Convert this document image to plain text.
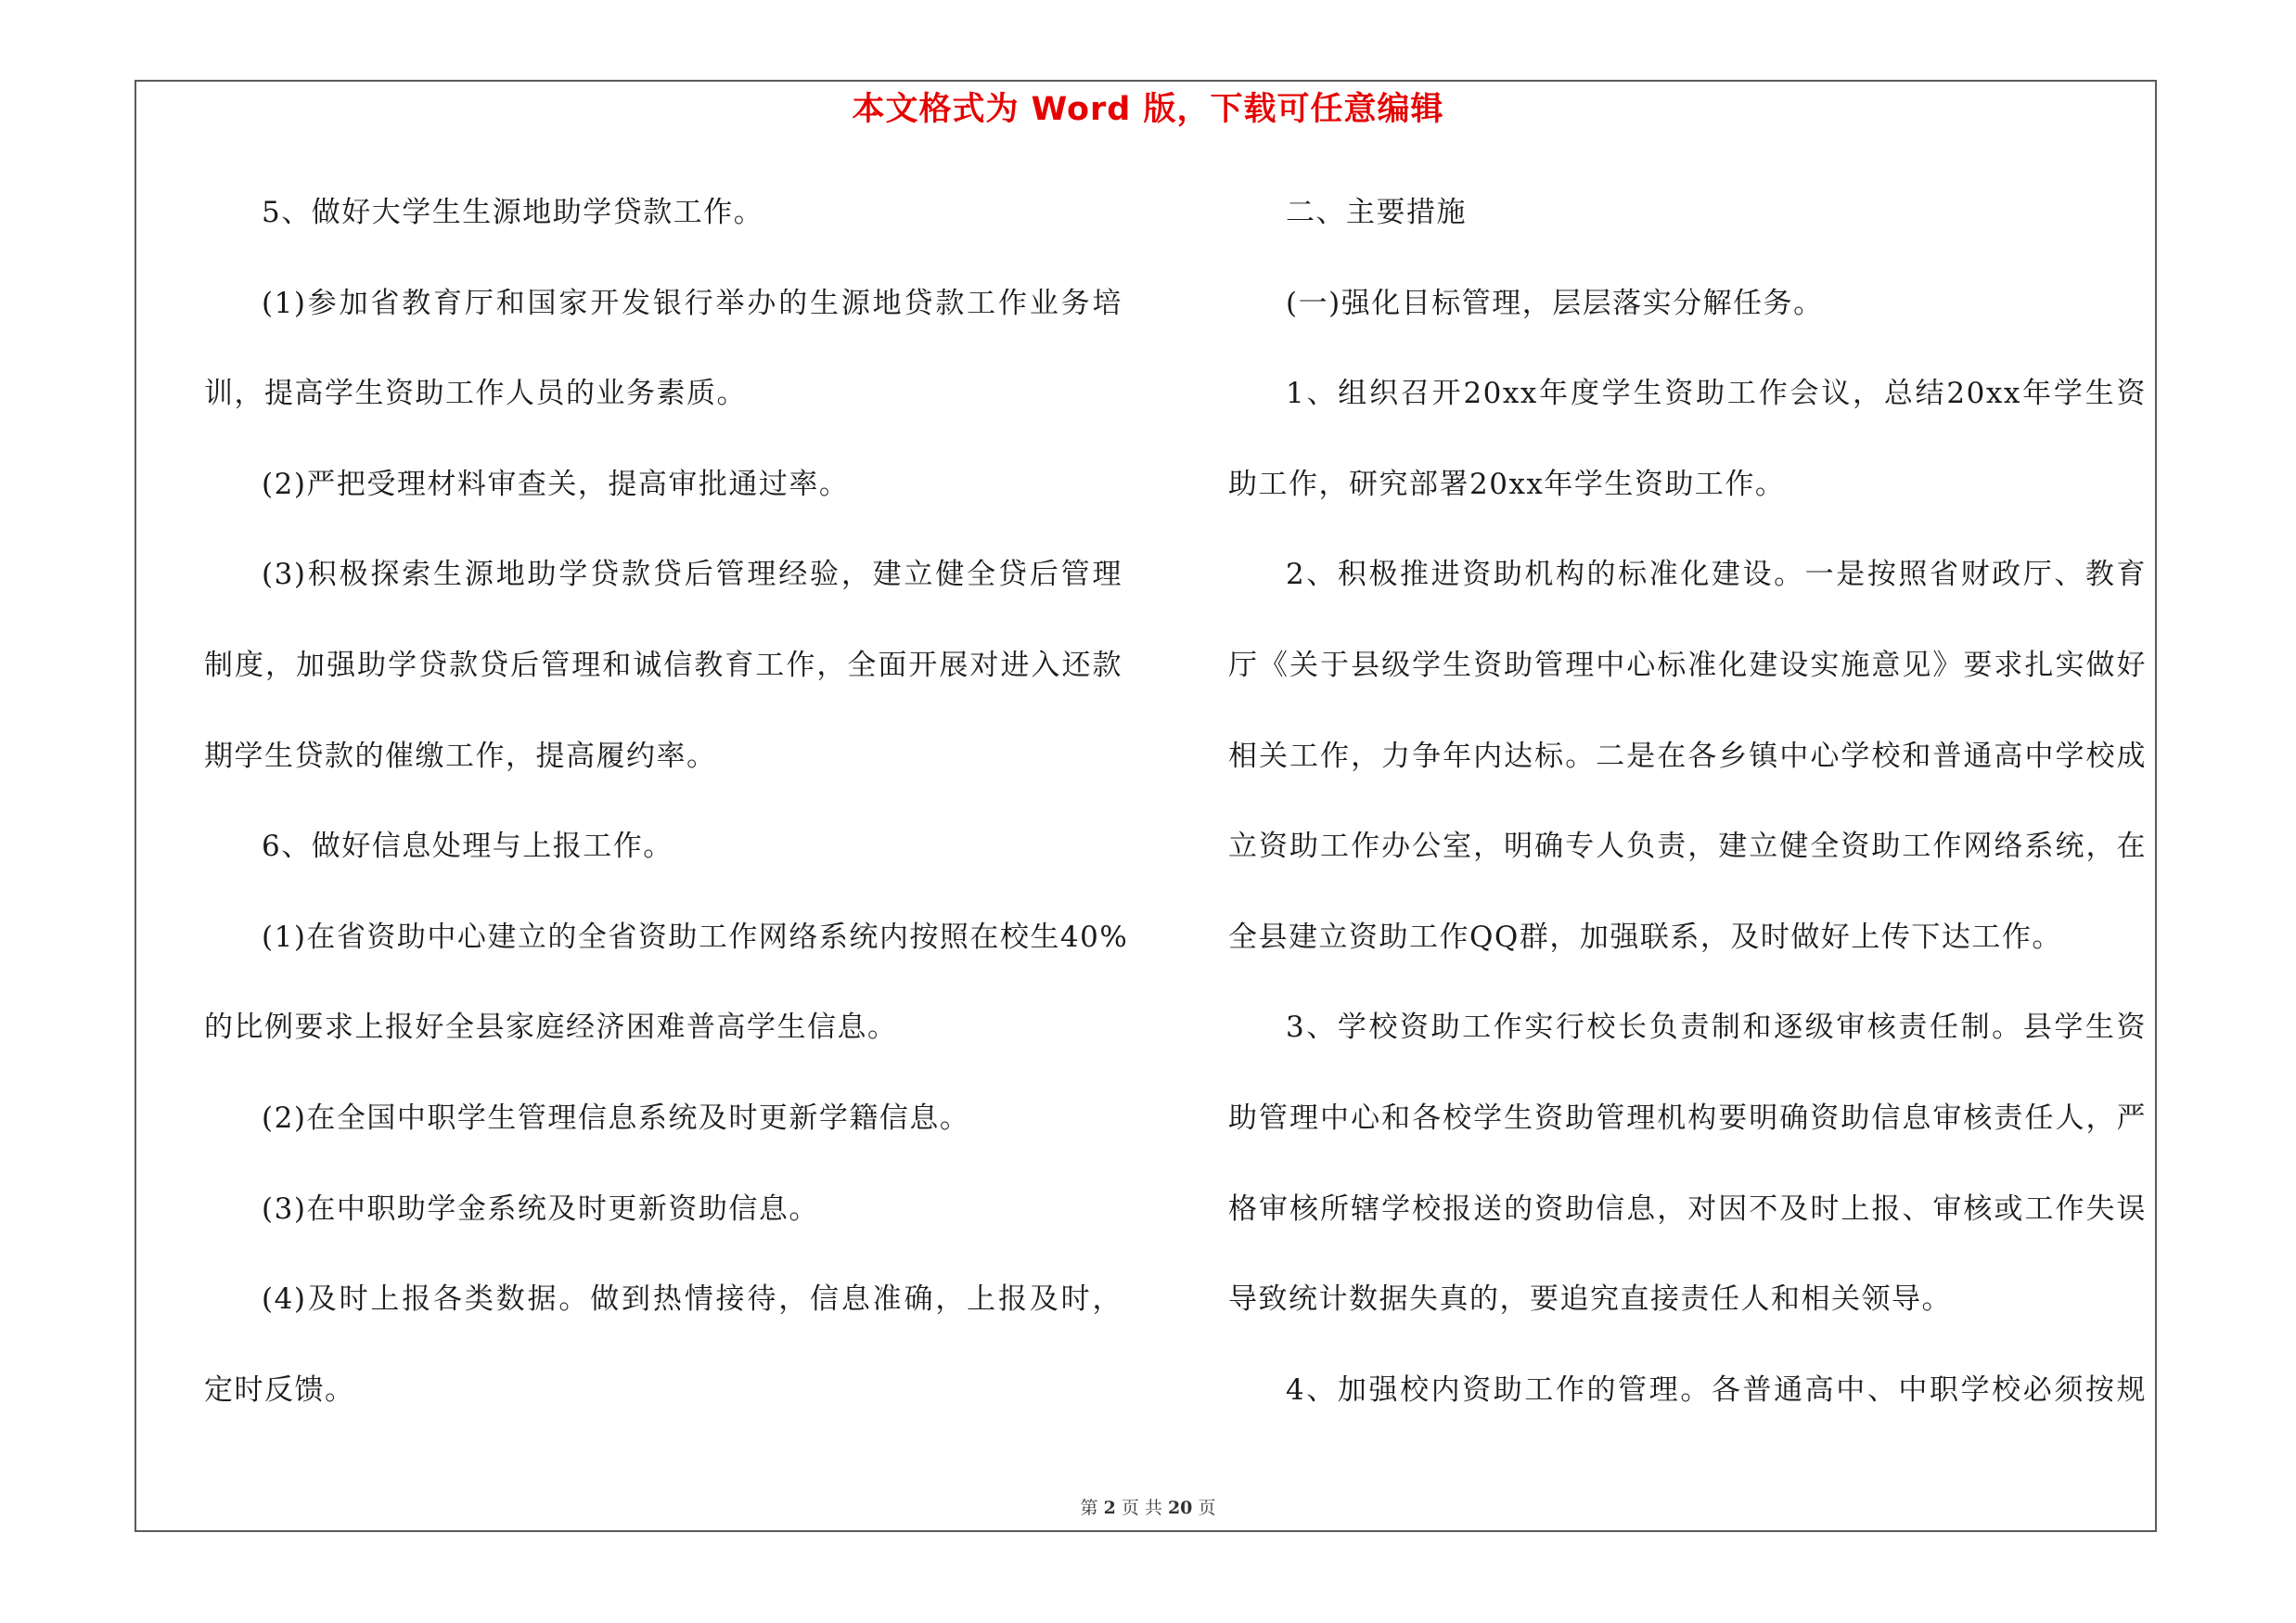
本文格式为 Word 版，下载可任意编辑
5、做好大学生生源地助学贷款工作。
(1)参加省教育厅和国家开发银行举办的生源地贷款工作业务培
训，提高学生资助工作人员的业务素质。
(2)严把受理材料审查关，提高审批通过率。
(3)积极探索生源地助学贷款贷后管理经验，建立健全贷后管理
制度，加强助学贷款贷后管理和诚信教育工作，全面开展对进入还款
期学生贷款的催缴工作，提高履约率。
6、做好信息处理与上报工作。
(1)在省资助中心建立的全省资助工作网络系统内按照在校生40%
的比例要求上报好全县家庭经济困难普高学生信息。
(2)在全国中职学生管理信息系统及时更新学籍信息。
(3)在中职助学金系统及时更新资助信息。
(4)及时上报各类数据。做到热情接待，信息准确，上报及时，
定时反馈。
二、主要措施
(一)强化目标管理，层层落实分解任务。
1、组织召开20xx年度学生资助工作会议，总结20xx年学生资
助工作，研究部署20xx年学生资助工作。
2、积极推进资助机构的标准化建设。一是按照省财政厅、教育
厅《关于县级学生资助管理中心标准化建设实施意见》要求扎实做好
相关工作，力争年内达标。二是在各乡镇中心学校和普通高中学校成
立资助工作办公室，明确专人负责，建立健全资助工作网络系统，在
全县建立资助工作QQ群，加强联系，及时做好上传下达工作。
3、学校资助工作实行校长负责制和逐级审核责任制。县学生资
助管理中心和各校学生资助管理机构要明确资助信息审核责任人，严
格审核所辖学校报送的资助信息，对因不及时上报、审核或工作失误
导致统计数据失真的，要追究直接责任人和相关领导。
4、加强校内资助工作的管理。各普通高中、中职学校必须按规
第 2 页 共 20 页
